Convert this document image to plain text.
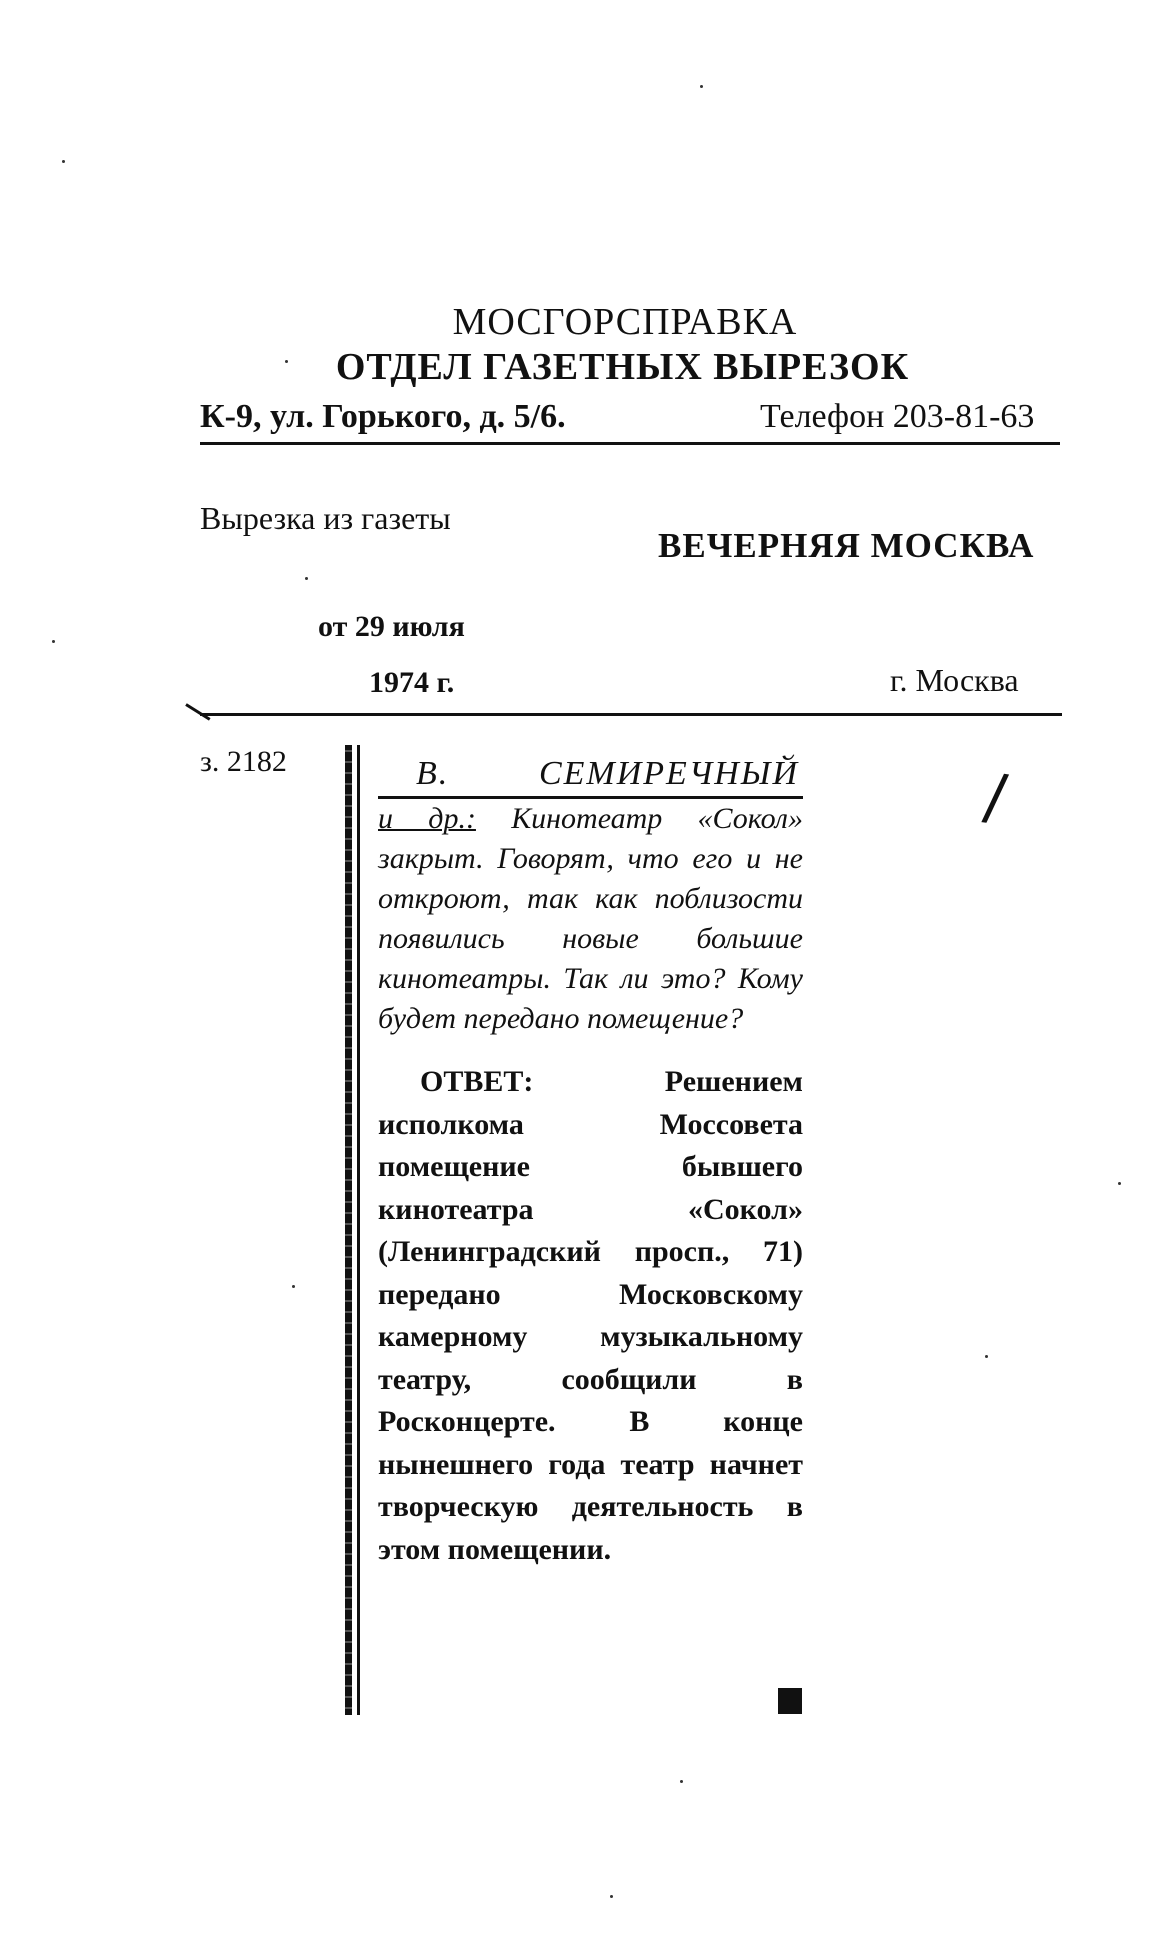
МОСГОРСПРАВКА
ОТДЕЛ ГАЗЕТНЫХ ВЫРЕЗОК
К-9, ул. Горького, д. 5/6.	Телефон 203-81-63
Вырезка из газеты
ВЕЧЕРНЯЯ МОСКВА
от 29 июля
1974 г.	г. Москва
з. 2182	В.	СЕМИРЕЧНЫЙ
и др.: Кинотеатр «Сокол» закрыт. Говорят, что его и не откроют, так как поблизости появились новые большие кинотеатры. Так ли это? Кому будет передано помещение?
ОТВЕТ: Решением исполкома Моссовета помещение бывшего кинотеатра «Сокол» (Ленинградский просп., 71) передано Московскому камерному музыкальному театру, сообщили в Росконцерте. В конце нынешнего года театр начнет творческую деятельность в этом помещении.
/
